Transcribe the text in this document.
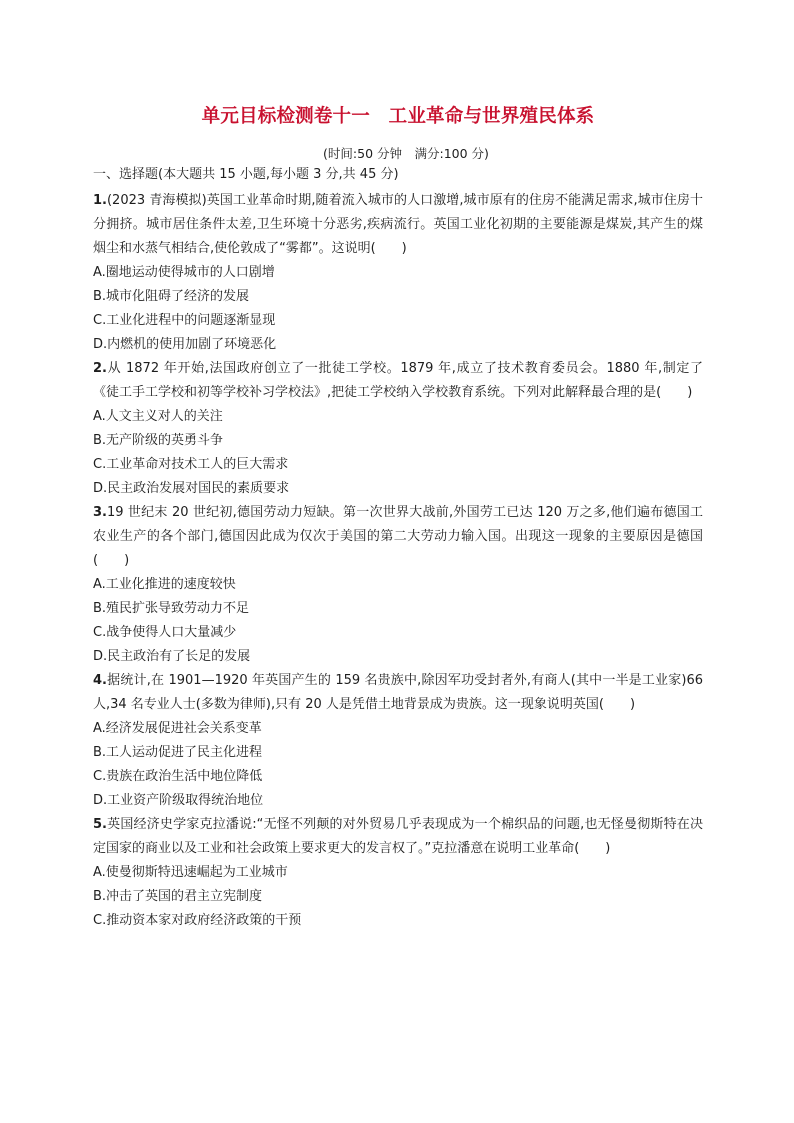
单元目标检测卷十一　工业革命与世界殖民体系
(时间:50 分钟　满分:100 分)
一、选择题(本大题共 15 小题,每小题 3 分,共 45 分)

1.(2023 青海模拟)英国工业革命时期,随着流入城市的人口激增,城市原有的住房不能满足需求,城市住房十分拥挤。城市居住条件太差,卫生环境十分恶劣,疾病流行。英国工业化初期的主要能源是煤炭,其产生的煤烟尘和水蒸气相结合,使伦敦成了“雾都”。这说明(　　)

A.圈地运动使得城市的人口剧增

B.城市化阻碍了经济的发展

C.工业化进程中的问题逐渐显现

D.内燃机的使用加剧了环境恶化

2.从 1872 年开始,法国政府创立了一批徒工学校。1879 年,成立了技术教育委员会。1880 年,制定了《徒工手工学校和初等学校补习学校法》,把徒工学校纳入学校教育系统。下列对此解释最合理的是(　　)

A.人文主义对人的关注

B.无产阶级的英勇斗争

C.工业革命对技术工人的巨大需求

D.民主政治发展对国民的素质要求

3.19 世纪末 20 世纪初,德国劳动力短缺。第一次世界大战前,外国劳工已达 120 万之多,他们遍布德国工农业生产的各个部门,德国因此成为仅次于美国的第二大劳动力输入国。出现这一现象的主要原因是德国　　　(　　)

A.工业化推进的速度较快

B.殖民扩张导致劳动力不足

C.战争使得人口大量减少

D.民主政治有了长足的发展

4.据统计,在 1901—1920 年英国产生的 159 名贵族中,除因军功受封者外,有商人(其中一半是工业家)66 人,34 名专业人士(多数为律师),只有 20 人是凭借土地背景成为贵族。这一现象说明英国(　　)

A.经济发展促进社会关系变革

B.工人运动促进了民主化进程

C.贵族在政治生活中地位降低

D.工业资产阶级取得统治地位

5.英国经济史学家克拉潘说:“无怪不列颠的对外贸易几乎表现成为一个棉织品的问题,也无怪曼彻斯特在决定国家的商业以及工业和社会政策上要求更大的发言权了。”克拉潘意在说明工业革命(　　)

A.使曼彻斯特迅速崛起为工业城市

B.冲击了英国的君主立宪制度

C.推动资本家对政府经济政策的干预
